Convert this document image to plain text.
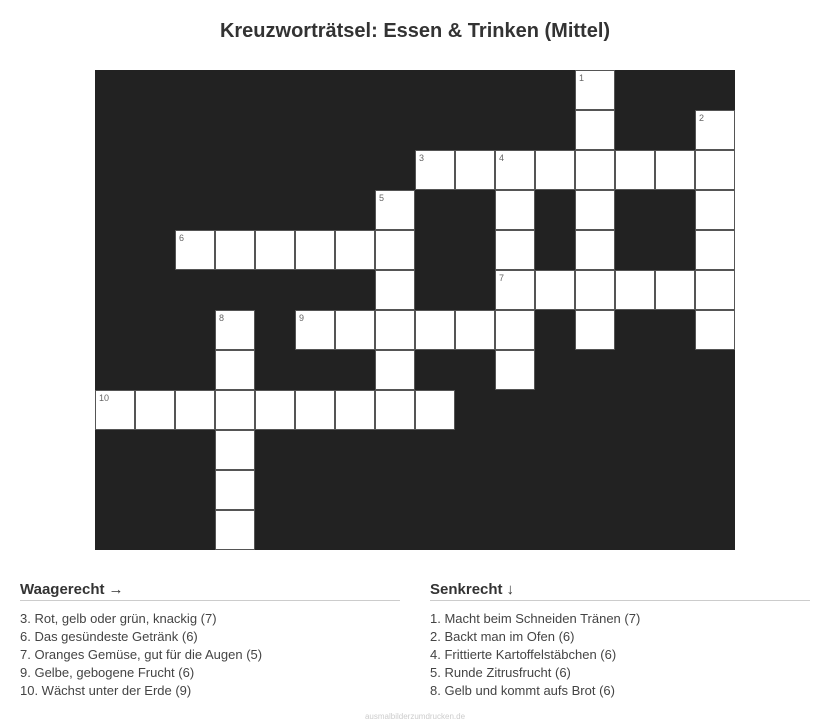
Kreuzworträtsel: Essen & Trinken (Mittel)
1
2
3	4
7
5
6
8	9
10
Waagerecht →
3. Rot, gelb oder grün, knackig (7)
6. Das gesündeste Getränk (6)
7. Oranges Gemüse, gut für die Augen (5)
9. Gelbe, gebogene Frucht (6)
10. Wächst unter der Erde (9)
Senkrecht ↓
1. Macht beim Schneiden Tränen (7)
2. Backt man im Ofen (6)
4. Frittierte Kartoffelstäbchen (6)
5. Runde Zitrusfrucht (6)
8. Gelb und kommt aufs Brot (6)
ausmalbilderzumdrucken.de
